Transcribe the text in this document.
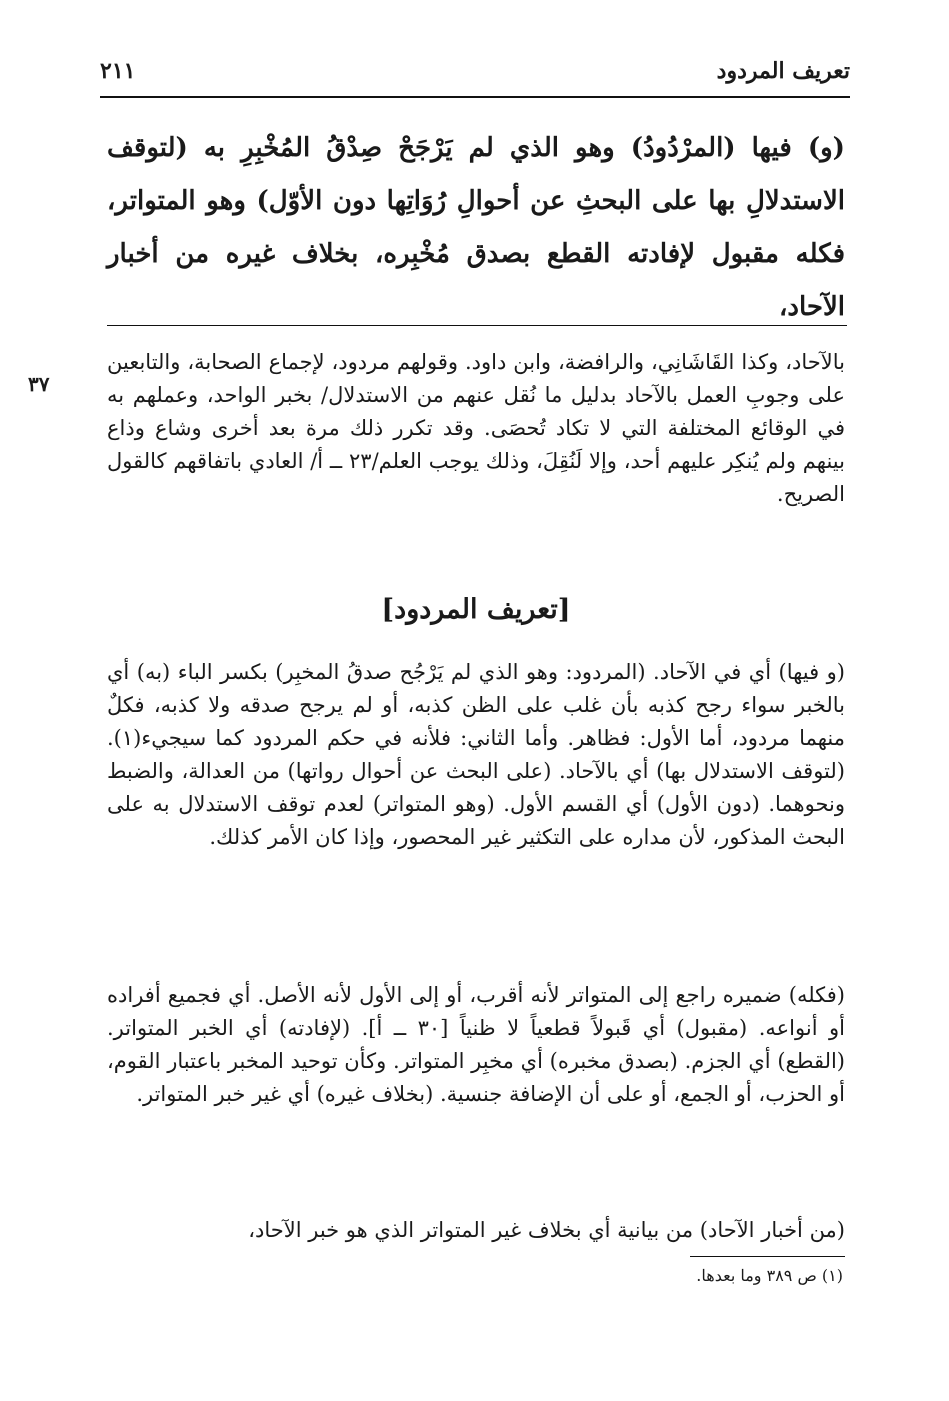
تعريف المردود
٢١١

(و) فيها (المرْدُودُ) وهو الذي لم يَرْجَحْ صِدْقُ المُخْبِرِ به (لتوقف الاستدلالِ بها على البحثِ عن أحوالِ رُوَاتِها دون الأوّل) وهو المتواتر، فكله مقبول لإفادته القطع بصدق مُخْبِره، بخلاف غيره من أخبار الآحاد،

بالآحاد، وكذا القَاشَانِي، والرافضة، وابن داود. وقولهم مردود، لإجماع الصحابة، والتابعين على وجوبِ العمل بالآحاد بدليل ما نُقل عنهم من الاستدلال/ بخبر الواحد، وعملهم به في الوقائع المختلفة التي لا تكاد تُحصَى. وقد تكرر ذلك مرة بعد أخرى وشاع وذاع بينهم ولم يُنكِر عليهم أحد، وإلا لَنُقِلَ، وذلك يوجب العلم/٢٣ ــ أ/ العادي باتفاقهم كالقول الصريح.

٣٧
[تعريف المردود]

(و فيها) أي في الآحاد. (المردود: وهو الذي لم يَرْجُح صدقُ المخبِر) بكسر الباء (به) أي بالخبر سواء رجح كذبه بأن غلب على الظن كذبه، أو لم يرجح صدقه ولا كذبه، فكلٌ منهما مردود، أما الأول: فظاهر. وأما الثاني: فلأنه في حكم المردود كما سيجيء(١). (لتوقف الاستدلال بها) أي بالآحاد. (على البحث عن أحوال رواتها) من العدالة، والضبط ونحوهما. (دون الأول) أي القسم الأول. (وهو المتواتر) لعدم توقف الاستدلال به على البحث المذكور، لأن مداره على التكثير غير المحصور، وإذا كان الأمر كذلك.

(فكله) ضميره راجع إلى المتواتر لأنه أقرب، أو إلى الأول لأنه الأصل. أي فجميع أفراده أو أنواعه. (مقبول) أي قَبولاً قطعياً لا ظنياً [٣٠ ــ أ]. (لإفادته) أي الخبر المتواتر. (القطع) أي الجزم. (بصدق مخبره) أي مخبِر المتواتر. وكأن توحيد المخبر باعتبار القوم، أو الحزب، أو الجمع، أو على أن الإضافة جنسية. (بخلاف غيره) أي غير خبر المتواتر.

(من أخبار الآحاد) من بيانية أي بخلاف غير المتواتر الذي هو خبر الآحاد،

(١) ص ٣٨٩ وما بعدها.
